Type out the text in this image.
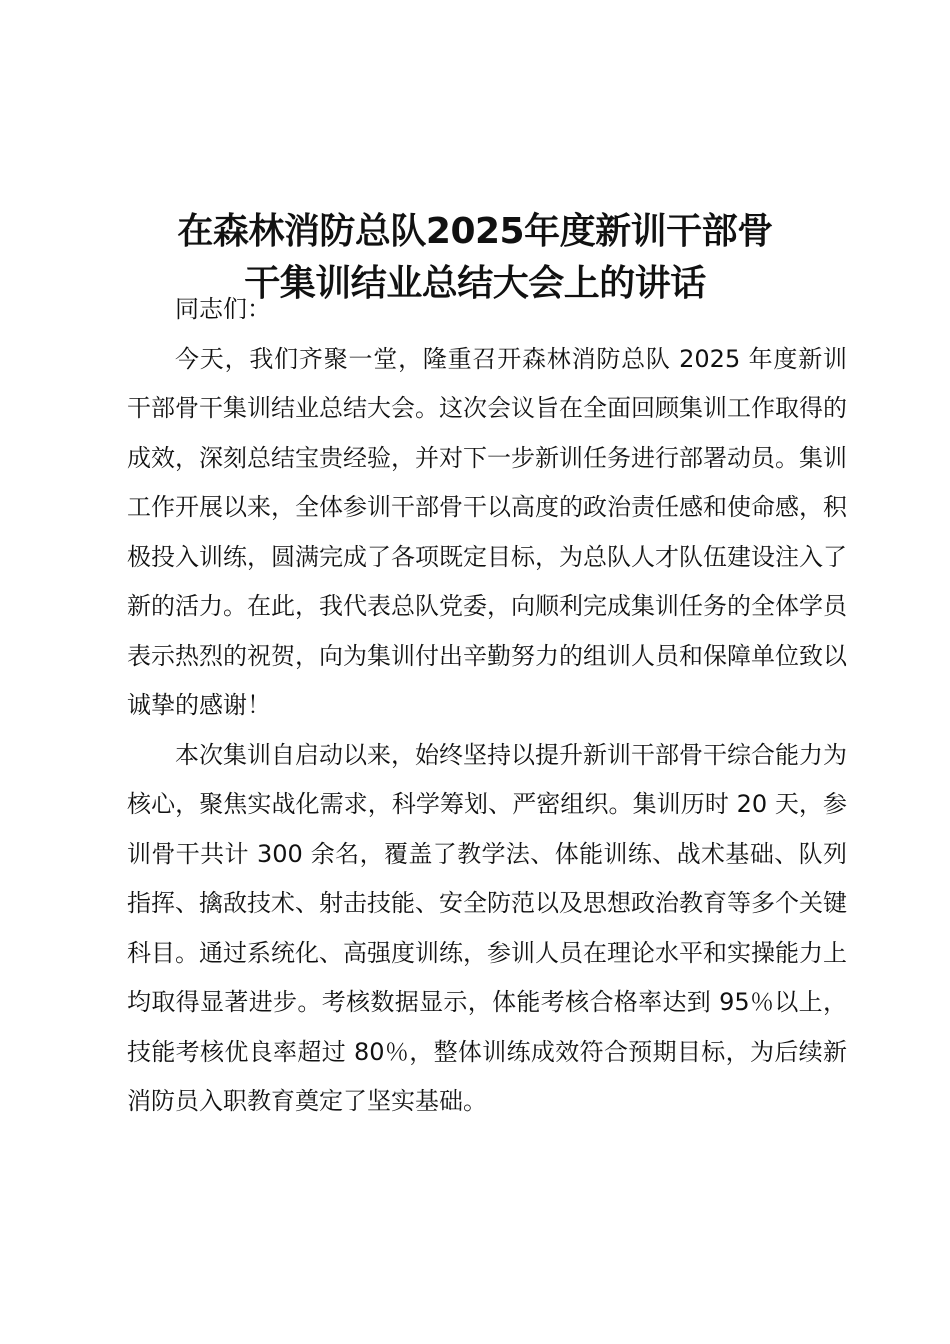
在森林消防总队2025年度新训干部骨
干集训结业总结大会上的讲话

同志们：

今天，我们齐聚一堂，隆重召开森林消防总队 2025 年度新训干部骨干集训结业总结大会。这次会议旨在全面回顾集训工作取得的成效，深刻总结宝贵经验，并对下一步新训任务进行部署动员。集训工作开展以来，全体参训干部骨干以高度的政治责任感和使命感，积极投入训练，圆满完成了各项既定目标，为总队人才队伍建设注入了新的活力。在此，我代表总队党委，向顺利完成集训任务的全体学员表示热烈的祝贺，向为集训付出辛勤努力的组训人员和保障单位致以诚挚的感谢！

本次集训自启动以来，始终坚持以提升新训干部骨干综合能力为核心，聚焦实战化需求，科学筹划、严密组织。集训历时 20 天，参训骨干共计 300 余名，覆盖了教学法、体能训练、战术基础、队列指挥、擒敌技术、射击技能、安全防范以及思想政治教育等多个关键科目。通过系统化、高强度训练，参训人员在理论水平和实操能力上均取得显著进步。考核数据显示，体能考核合格率达到 95％以上，技能考核优良率超过 80％，整体训练成效符合预期目标，为后续新消防员入职教育奠定了坚实基础。
